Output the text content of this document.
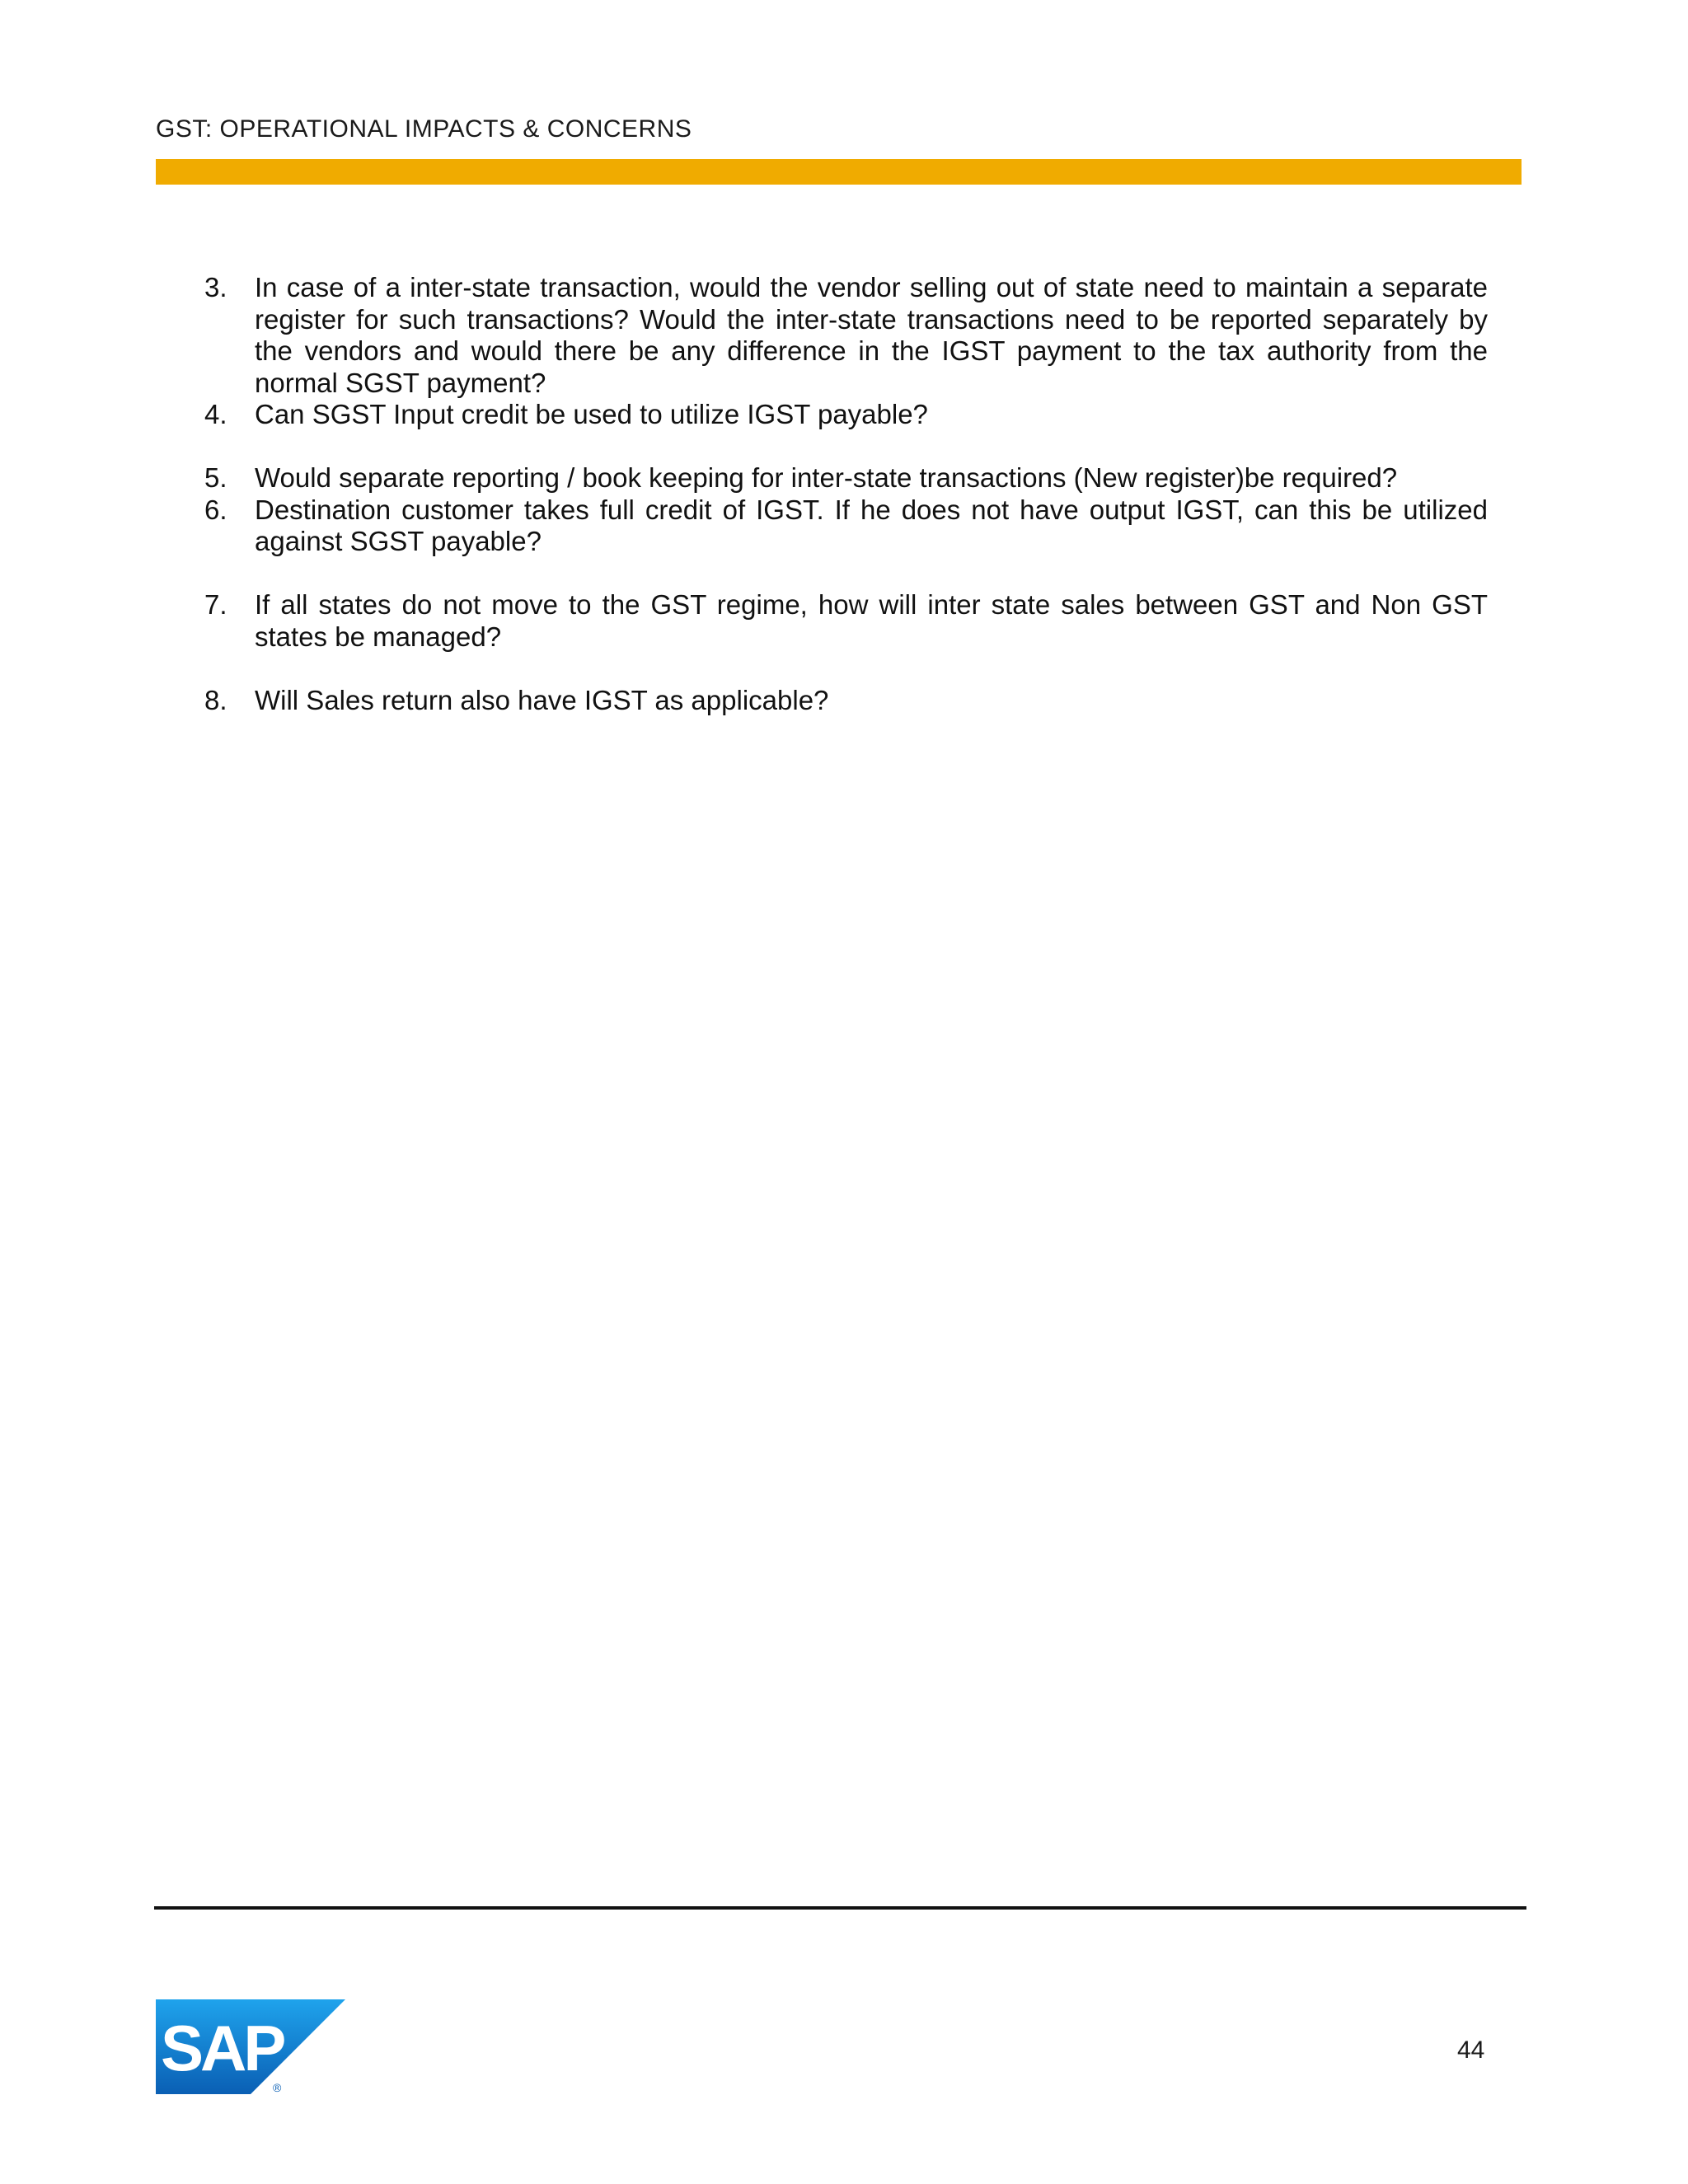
GST: OPERATIONAL IMPACTS & CONCERNS
3. In case of a inter-state transaction, would the vendor selling out of state need to maintain a separate register for such transactions? Would the inter-state transactions need to be reported separately by the vendors and would there be any difference in the IGST payment to the tax authority from the normal SGST payment?
4. Can SGST Input credit be used to utilize IGST payable?
5. Would separate reporting / book keeping for inter-state transactions (New register)be required?
6. Destination customer takes full credit of IGST. If he does not have output IGST, can this be utilized against SGST payable?
7. If all states do not move to the GST regime, how will inter state sales between GST and Non GST states be managed?
8. Will Sales return also have IGST as applicable?
SAP
®
44
